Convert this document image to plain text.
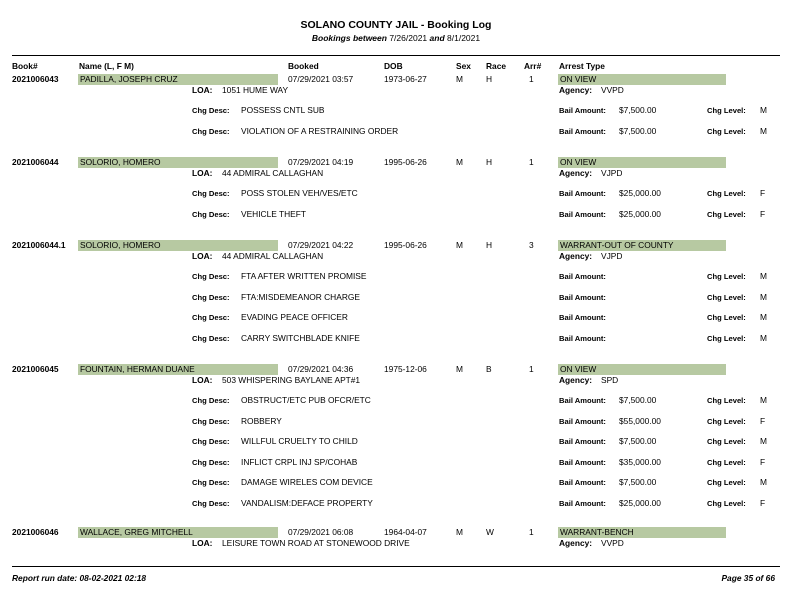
SOLANO COUNTY JAIL - Booking Log
Bookings between 7/26/2021 and 8/1/2021
Book#	Name (L, F M)	Booked	DOB	Sex Race Arr# Arrest Type
2021006043	PADILLA, JOSEPH CRUZ	07/29/2021 03:57	1973-06-27	M	H	1	ON VIEW
LOA: 1051 HUME WAY	Agency: VVPD
Chg Desc: POSSESS CNTL SUB	Bail Amount: $7,500.00	Chg Level: M
Chg Desc: VIOLATION OF A RESTRAINING ORDER	Bail Amount: $7,500.00	Chg Level: M
2021006044	SOLORIO, HOMERO	07/29/2021 04:19	1995-06-26	M	H	1	ON VIEW
LOA: 44 ADMIRAL CALLAGHAN	Agency: VJPD
Chg Desc: POSS STOLEN VEH/VES/ETC	Bail Amount: $25,000.00	Chg Level: F
Chg Desc: VEHICLE THEFT	Bail Amount: $25,000.00	Chg Level: F
2021006044.1 SOLORIO, HOMERO	07/29/2021 04:22	1995-06-26	M	H	3	WARRANT-OUT OF COUNTY
LOA: 44 ADMIRAL CALLAGHAN	Agency: VJPD
Chg Desc: FTA AFTER WRITTEN PROMISE	Bail Amount:	Chg Level: M
Chg Desc: FTA:MISDEMEANOR CHARGE	Bail Amount:	Chg Level: M
Chg Desc: EVADING PEACE OFFICER	Bail Amount:	Chg Level: M
Chg Desc: CARRY SWITCHBLADE KNIFE	Bail Amount:	Chg Level: M
2021006045	FOUNTAIN, HERMAN DUANE	07/29/2021 04:36	1975-12-06	M	B	1	ON VIEW
LOA: 503 WHISPERING BAYLANE APT#1	Agency: SPD
Chg Desc: OBSTRUCT/ETC PUB OFCR/ETC	Bail Amount: $7,500.00	Chg Level: M
Chg Desc: ROBBERY	Bail Amount: $55,000.00	Chg Level: F
Chg Desc: WILLFUL CRUELTY TO CHILD	Bail Amount: $7,500.00	Chg Level: M
Chg Desc: INFLICT CRPL INJ SP/COHAB	Bail Amount: $35,000.00	Chg Level: F
Chg Desc: DAMAGE WIRELES COM DEVICE	Bail Amount: $7,500.00	Chg Level: M
Chg Desc: VANDALISM:DEFACE PROPERTY	Bail Amount: $25,000.00	Chg Level: F
2021006046	WALLACE, GREG MITCHELL	07/29/2021 06:08	1964-04-07	M	W	1	WARRANT-BENCH
LOA: LEISURE TOWN ROAD AT STONEWOOD DRIVE	Agency: VVPD
Report run date: 08-02-2021 02:18	Page 35 of 66
